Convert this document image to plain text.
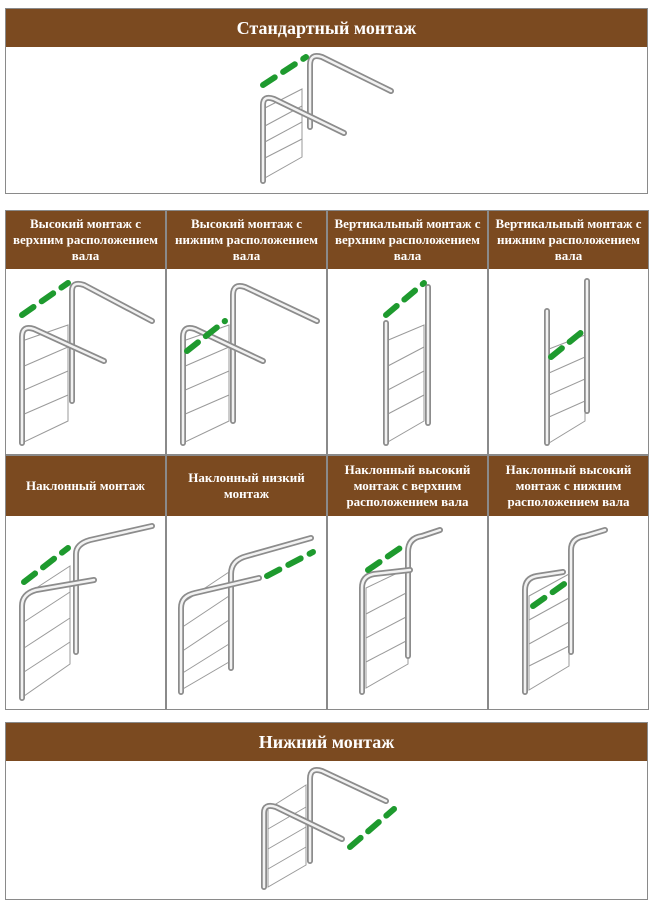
Стандартный монтаж
Высокий монтаж с верхним расположением вала
Высокий монтаж с нижним расположением вала
Вертикальный монтаж с верхним расположением вала
Вертикальный монтаж с нижним расположением вала
Наклонный монтаж
Наклонный низкий монтаж
Наклонный высокий монтаж с верхним расположением вала
Наклонный высокий монтаж с нижним расположением вала
Нижний монтаж
